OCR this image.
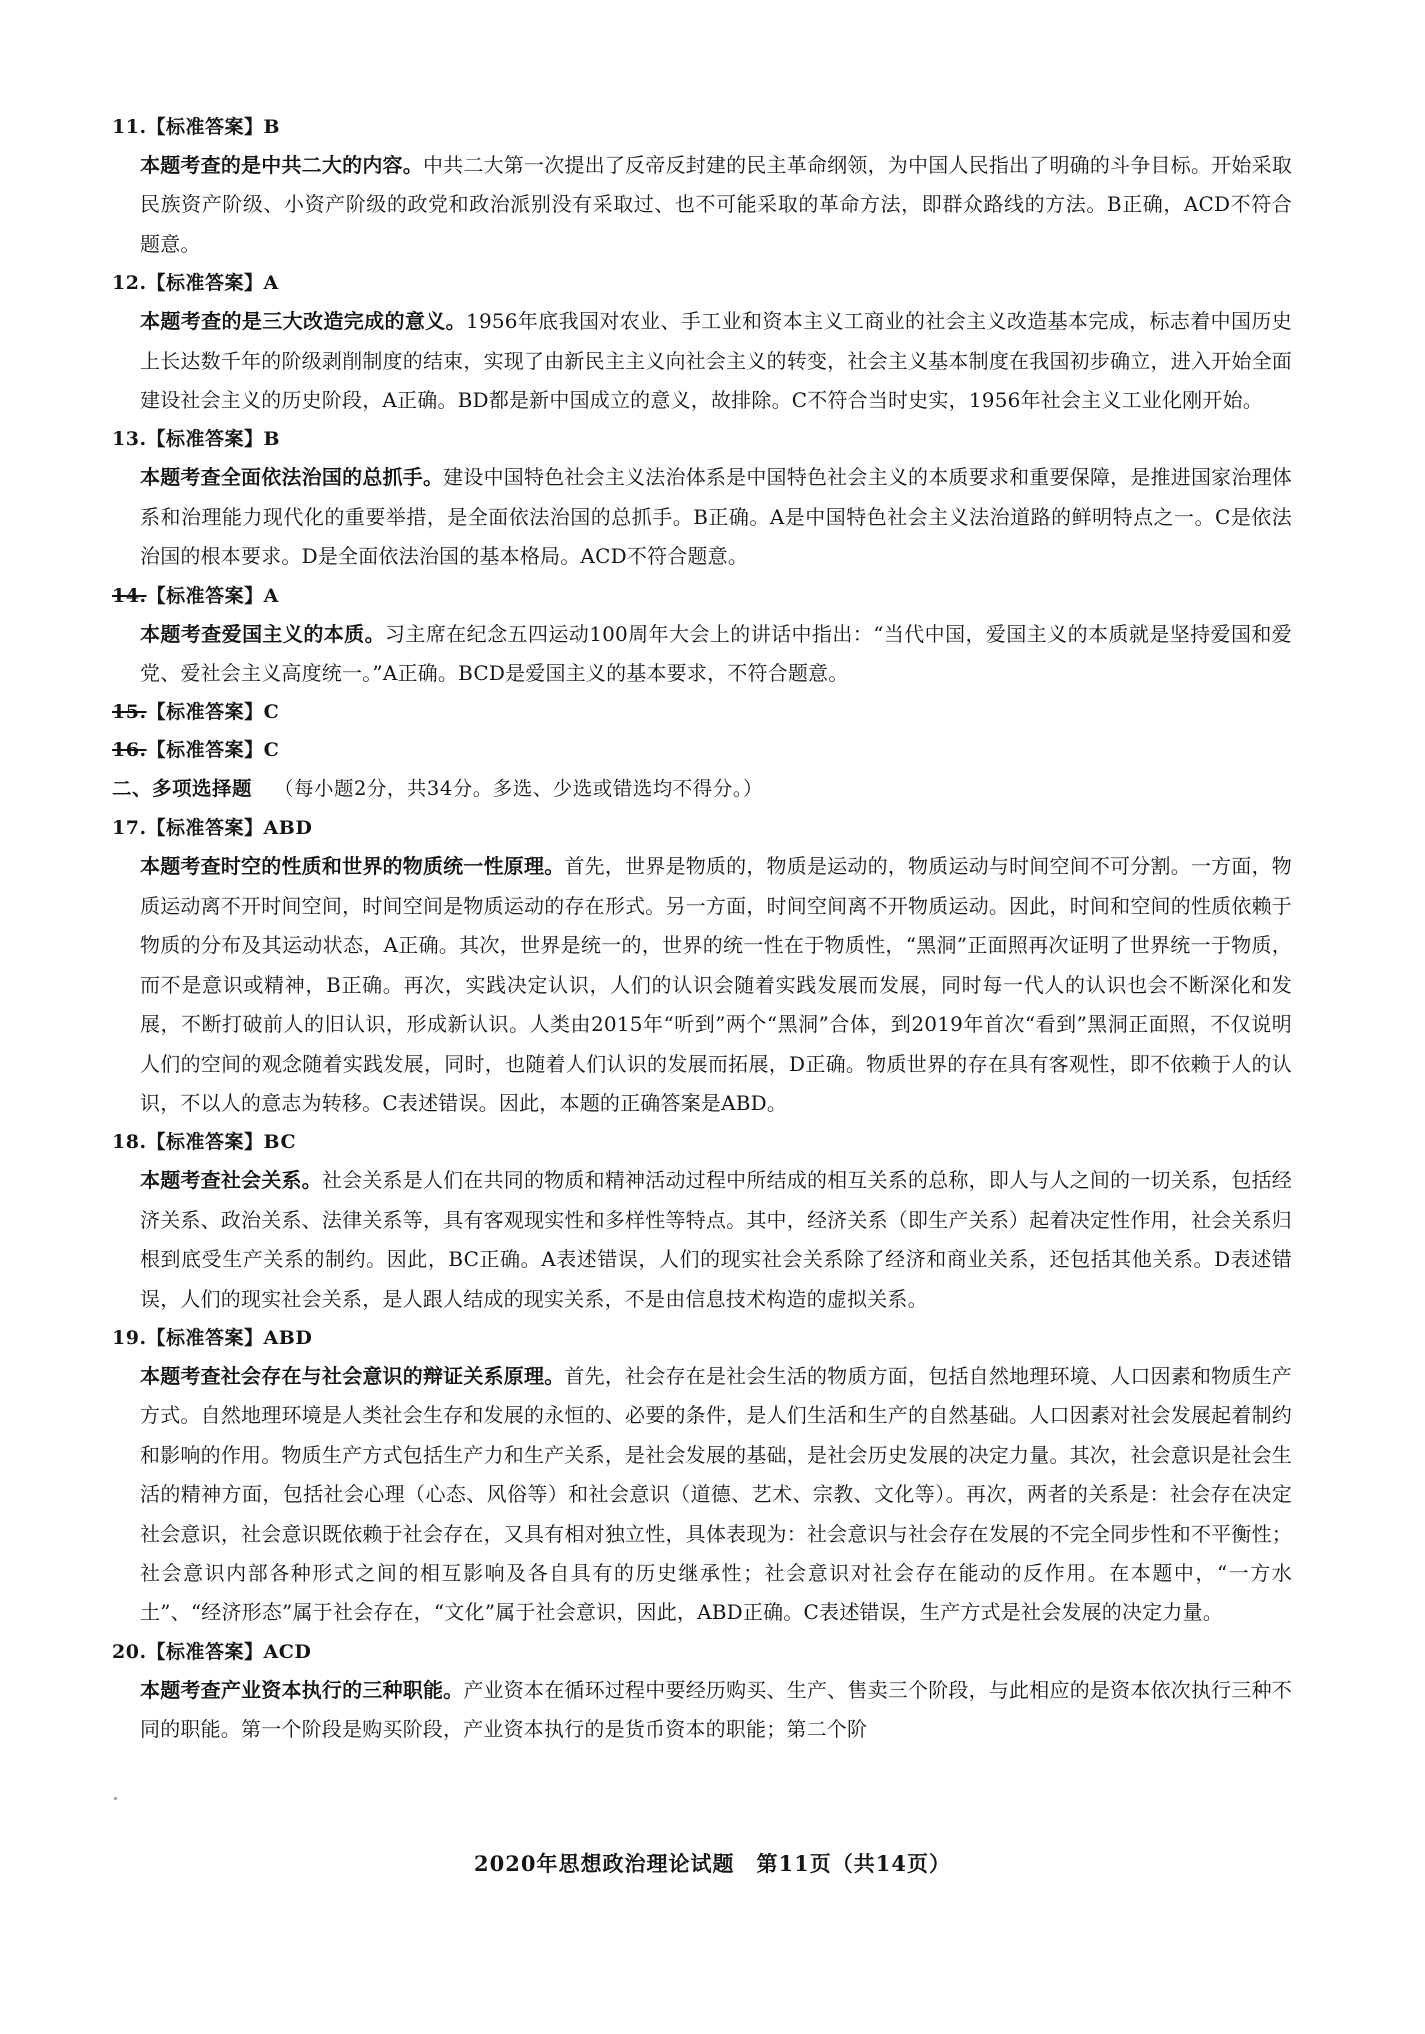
11.【标准答案】B

本题考查的是中共二大的内容。中共二大第一次提出了反帝反封建的民主革命纲领，为中国人民指出了明确的斗争目标。开始采取民族资产阶级、小资产阶级的政党和政治派别没有采取过、也不可能采取的革命方法，即群众路线的方法。B正确，ACD不符合题意。

12.【标准答案】A

本题考查的是三大改造完成的意义。1956年底我国对农业、手工业和资本主义工商业的社会主义改造基本完成，标志着中国历史上长达数千年的阶级剥削制度的结束，实现了由新民主主义向社会主义的转变，社会主义基本制度在我国初步确立，进入开始全面建设社会主义的历史阶段，A正确。BD都是新中国成立的意义，故排除。C不符合当时史实，1956年社会主义工业化刚开始。

13.【标准答案】B

本题考查全面依法治国的总抓手。建设中国特色社会主义法治体系是中国特色社会主义的本质要求和重要保障，是推进国家治理体系和治理能力现代化的重要举措，是全面依法治国的总抓手。B正确。A是中国特色社会主义法治道路的鲜明特点之一。C是依法治国的根本要求。D是全面依法治国的基本格局。ACD不符合题意。

14.【标准答案】A

本题考查爱国主义的本质。习主席在纪念五四运动100周年大会上的讲话中指出：“当代中国，爱国主义的本质就是坚持爱国和爱党、爱社会主义高度统一。”A正确。BCD是爱国主义的基本要求，不符合题意。

15.【标准答案】C
16.【标准答案】C
二、多项选择题 （每小题2分，共34分。多选、少选或错选均不得分。）
17.【标准答案】ABD

本题考查时空的性质和世界的物质统一性原理。首先，世界是物质的，物质是运动的，物质运动与时间空间不可分割。一方面，物质运动离不开时间空间，时间空间是物质运动的存在形式。另一方面，时间空间离不开物质运动。因此，时间和空间的性质依赖于物质的分布及其运动状态，A正确。其次，世界是统一的，世界的统一性在于物质性，“黑洞”正面照再次证明了世界统一于物质，而不是意识或精神，B正确。再次，实践决定认识，人们的认识会随着实践发展而发展，同时每一代人的认识也会不断深化和发展，不断打破前人的旧认识，形成新认识。人类由2015年“听到”两个“黑洞”合体，到2019年首次“看到”黑洞正面照，不仅说明人们的空间的观念随着实践发展，同时，也随着人们认识的发展而拓展，D正确。物质世界的存在具有客观性，即不依赖于人的认识，不以人的意志为转移。C表述错误。因此，本题的正确答案是ABD。

18.【标准答案】BC

本题考查社会关系。社会关系是人们在共同的物质和精神活动过程中所结成的相互关系的总称，即人与人之间的一切关系，包括经济关系、政治关系、法律关系等，具有客观现实性和多样性等特点。其中，经济关系（即生产关系）起着决定性作用，社会关系归根到底受生产关系的制约。因此，BC正确。A表述错误，人们的现实社会关系除了经济和商业关系，还包括其他关系。D表述错误，人们的现实社会关系，是人跟人结成的现实关系，不是由信息技术构造的虚拟关系。

19.【标准答案】ABD

本题考查社会存在与社会意识的辩证关系原理。首先，社会存在是社会生活的物质方面，包括自然地理环境、人口因素和物质生产方式。自然地理环境是人类社会生存和发展的永恒的、必要的条件，是人们生活和生产的自然基础。人口因素对社会发展起着制约和影响的作用。物质生产方式包括生产力和生产关系，是社会发展的基础，是社会历史发展的决定力量。其次，社会意识是社会生活的精神方面，包括社会心理（心态、风俗等）和社会意识（道德、艺术、宗教、文化等）。再次，两者的关系是：社会存在决定社会意识，社会意识既依赖于社会存在，又具有相对独立性，具体表现为：社会意识与社会存在发展的不完全同步性和不平衡性；社会意识内部各种形式之间的相互影响及各自具有的历史继承性；社会意识对社会存在能动的反作用。在本题中，“一方水土”、“经济形态”属于社会存在，“文化”属于社会意识，因此，ABD正确。C表述错误，生产方式是社会发展的决定力量。

20.【标准答案】ACD

本题考查产业资本执行的三种职能。产业资本在循环过程中要经历购买、生产、售卖三个阶段，与此相应的是资本依次执行三种不同的职能。第一个阶段是购买阶段，产业资本执行的是货币资本的职能；第二个阶

2020年思想政治理论试题　第11页（共14页）
